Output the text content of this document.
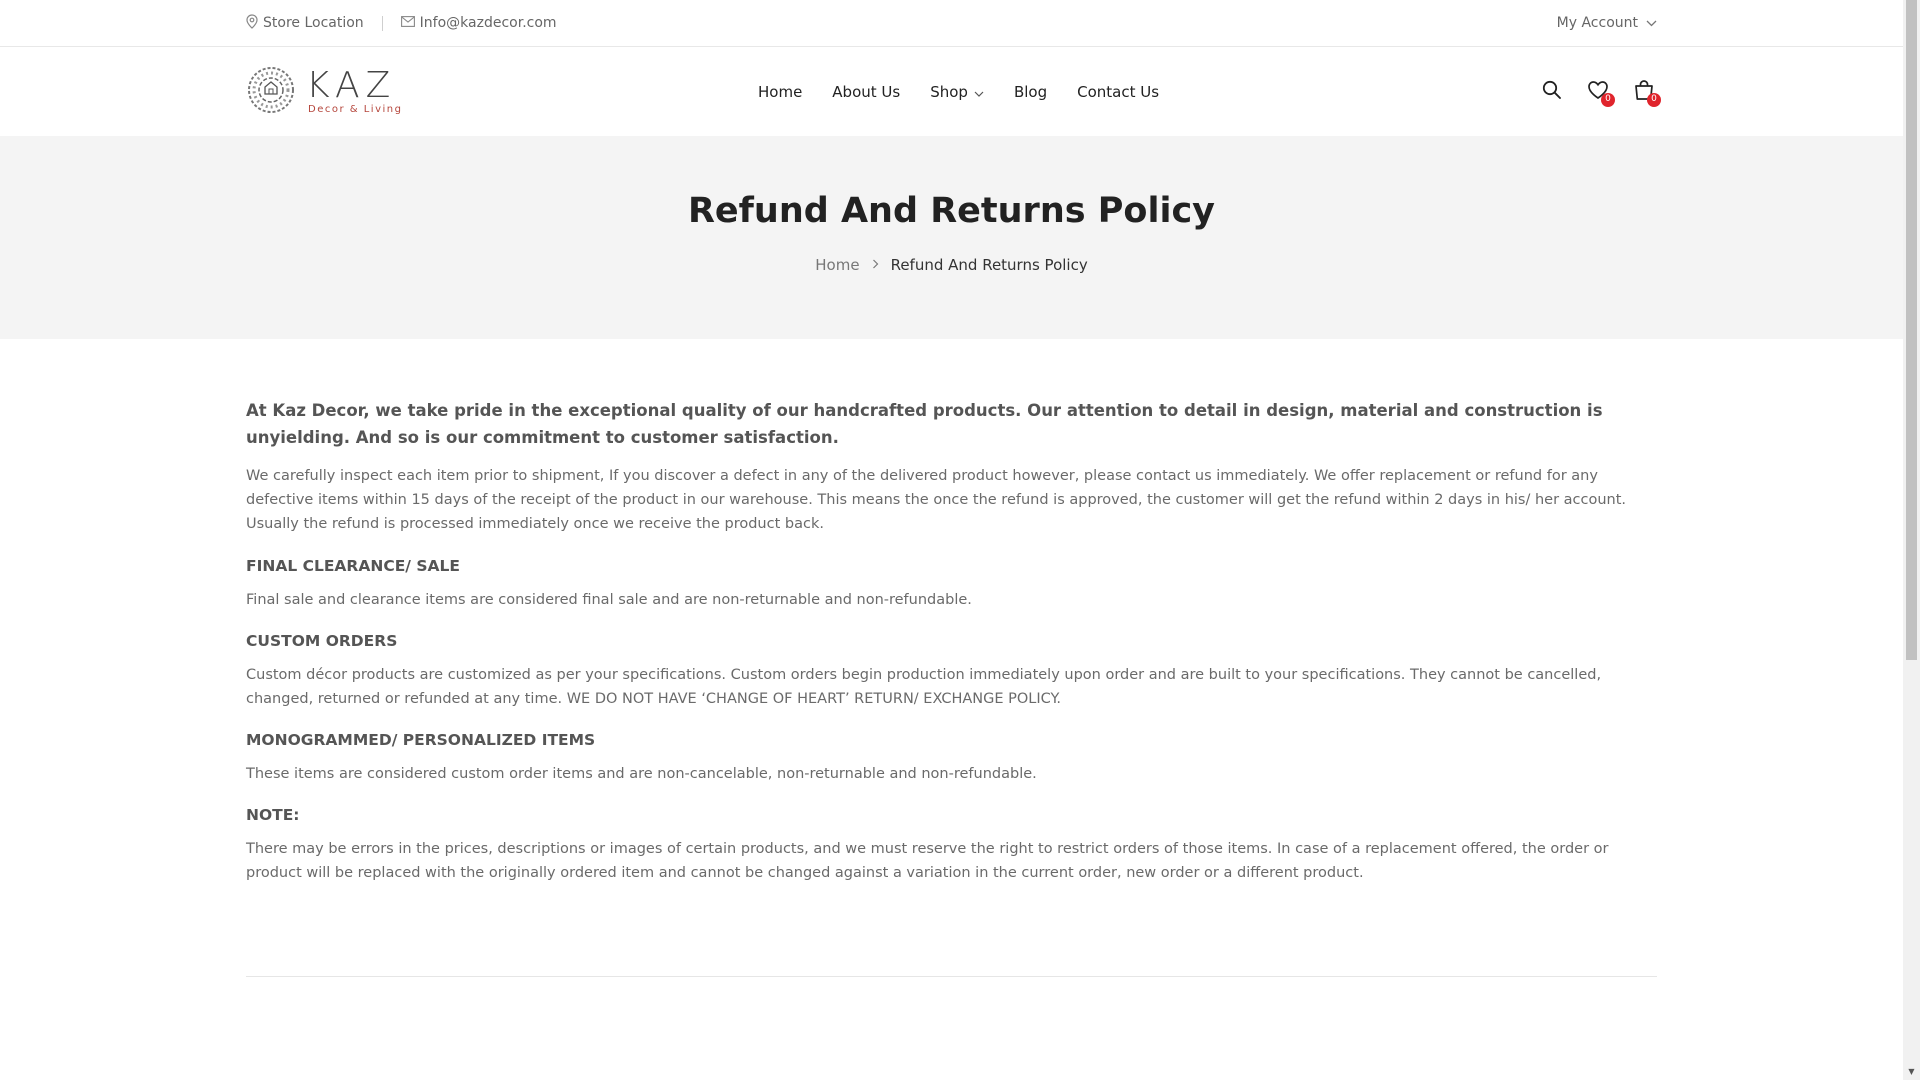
Store Location	Info@kazdecor.com	My Account
KAZ
Decor & Living
Home About Us Shop	Blog Contact Us	0	0
Refund And Returns Policy
Home Refund And Returns Policy

At Kaz Decor, we take pride in the exceptional quality of our handcrafted products. Our attention to detail in design, material and construction is unyielding. And so is our commitment to customer satisfaction.

We carefully inspect each item prior to shipment, If you discover a defect in any of the delivered product however, please contact us immediately. We offer replacement or refund for any defective items within 15 days of the receipt of the product in our warehouse. This means the once the refund is approved, the customer will get the refund within 2 days in his/ her account. Usually the refund is processed immediately once we receive the product back.

FINAL CLEARANCE/ SALE

Final sale and clearance items are considered final sale and are non-returnable and non-refundable.

CUSTOM ORDERS

Custom décor products are customized as per your specifications. Custom orders begin production immediately upon order and are built to your specifications. They cannot be cancelled, changed, returned or refunded at any time. WE DO NOT HAVE ‘CHANGE OF HEART’ RETURN/ EXCHANGE POLICY.

MONOGRAMMED/ PERSONALIZED ITEMS

These items are considered custom order items and are non-cancelable, non-returnable and non-refundable.

NOTE:

There may be errors in the prices, descriptions or images of certain products, and we must reserve the right to restrict orders of those items. In case of a replacement offered, the order or product will be replaced with the originally ordered item and cannot be changed against a variation in the current order, new order or a different product.

▼
